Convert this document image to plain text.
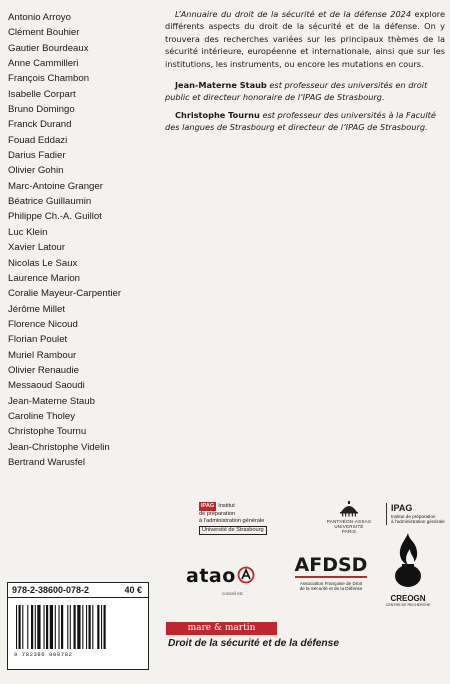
Antonio Arroyo
Clément Bouhier
Gautier Bourdeaux
Anne Cammilleri
François Chambon
Isabelle Corpart
Bruno Domingo
Franck Durand
Fouad Eddazi
Darius Fadier
Olivier Gohin
Marc-Antoine Granger
Béatrice Guillaumin
Philippe Ch.-A. Guillot
Luc Klein
Xavier Latour
Nicolas Le Saux
Laurence Marion
Coralie Mayeur-Carpentier
Jérôme Millet
Florence Nicoud
Florian Poulet
Muriel Rambour
Olivier Renaudie
Messaoud Saoudi
Jean-Materne Staub
Caroline Tholey
Christophe Tournu
Jean-Christophe Videlin
Bertrand Warusfel

L’Annuaire du droit de la sécurité et de la défense 2024 explore différents aspects du droit de la sécurité et de la défense. On y trouvera des recherches variées sur les principaux thèmes de la sécurité intérieure, européenne et internationale, ainsi que sur les institutions, les instruments, ou encore les mutations en cours.

Jean-Materne Staub est professeur des universités en droit public et directeur honoraire de l’IPAG de Strasbourg.

Christophe Tournu est professeur des universités à la Faculté des langues de Strasbourg et directeur de l’IPAG de Strasbourg.

IPAG Institut
de préparation
à l’administration générale
Université de Strasbourg
PANTHÉON-ASSAS
UNIVERSITÉ
PARIS
IPAG
Institut de préparation
à l’administration générale
atao
conseil etc
AFDSD
Association Française de Droit
de la Sécurité et de la Défense
CREOGN
CENTRE DE RECHERCHE
978-2-38600-078-2	40 €
9 782386 000782
mare & martin
Droit de la sécurité et de la défense
